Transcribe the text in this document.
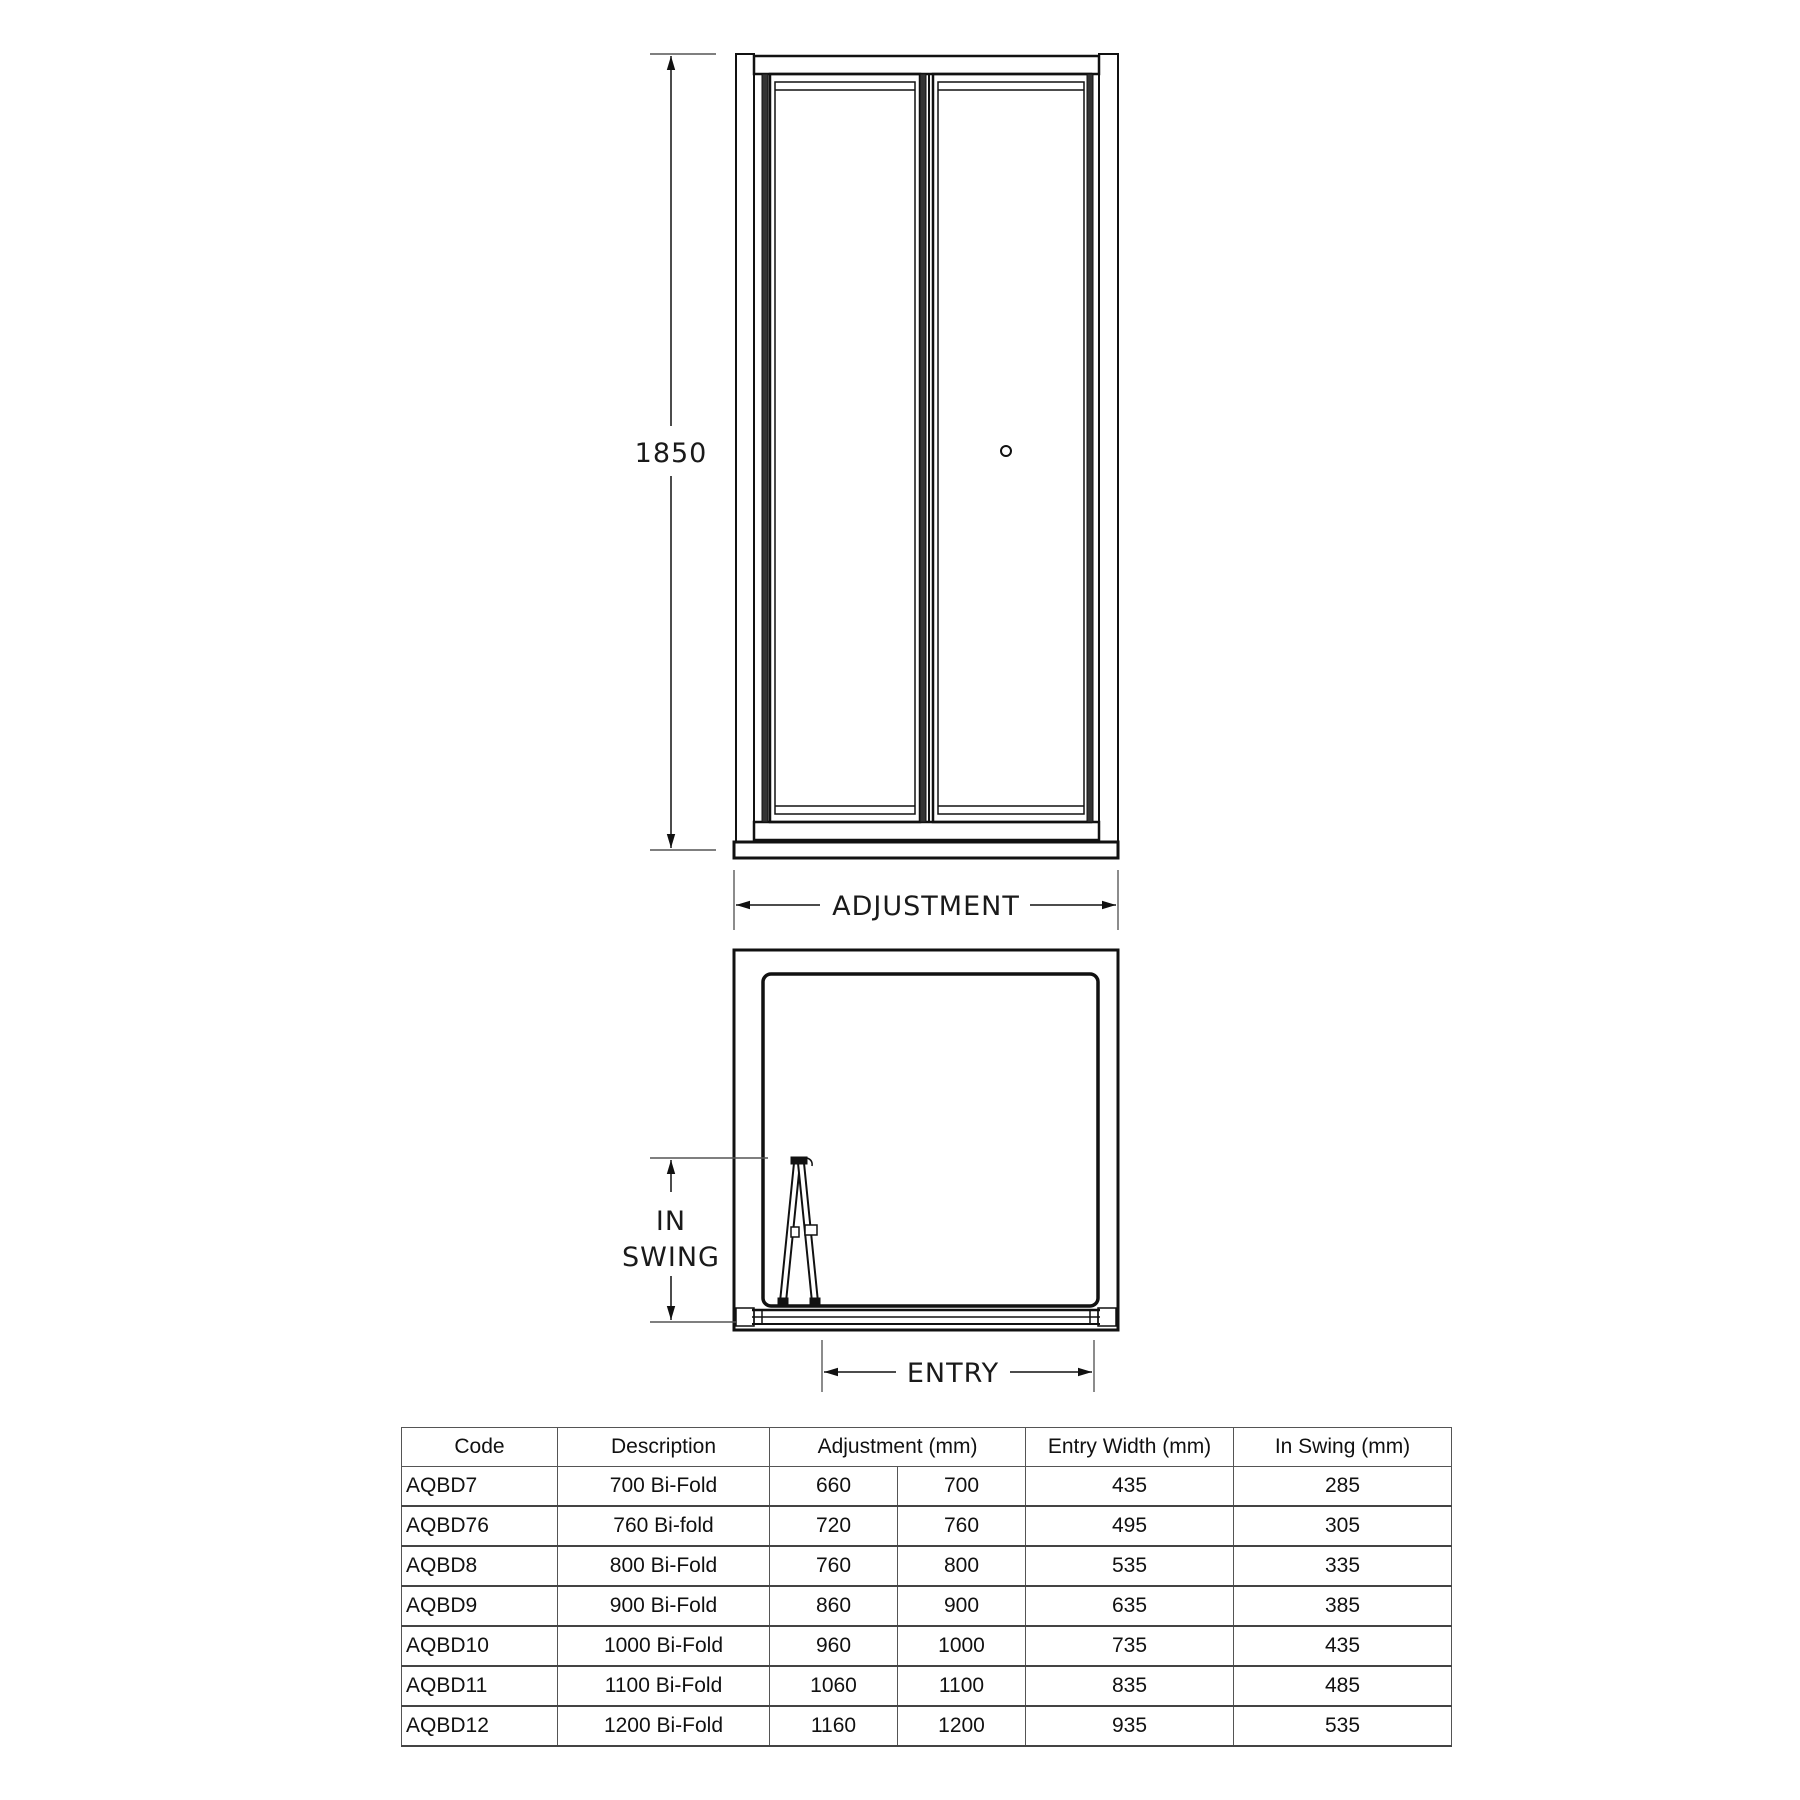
1850
ADJUSTMENT
IN
SWING
ENTRY
Code	Description	Adjustment (mm)		Entry Width (mm)	In Swing (mm)
AQBD7	700 Bi-Fold	660	700	435	285
AQBD76	760 Bi-fold	720	760	495	305
AQBD8	800 Bi-Fold	760	800	535	335
AQBD9	900 Bi-Fold	860	900	635	385
AQBD10	1000 Bi-Fold	960	1000	735	435
AQBD11	1100 Bi-Fold	1060	1100	835	485
AQBD12	1200 Bi-Fold	1160	1200	935	535
